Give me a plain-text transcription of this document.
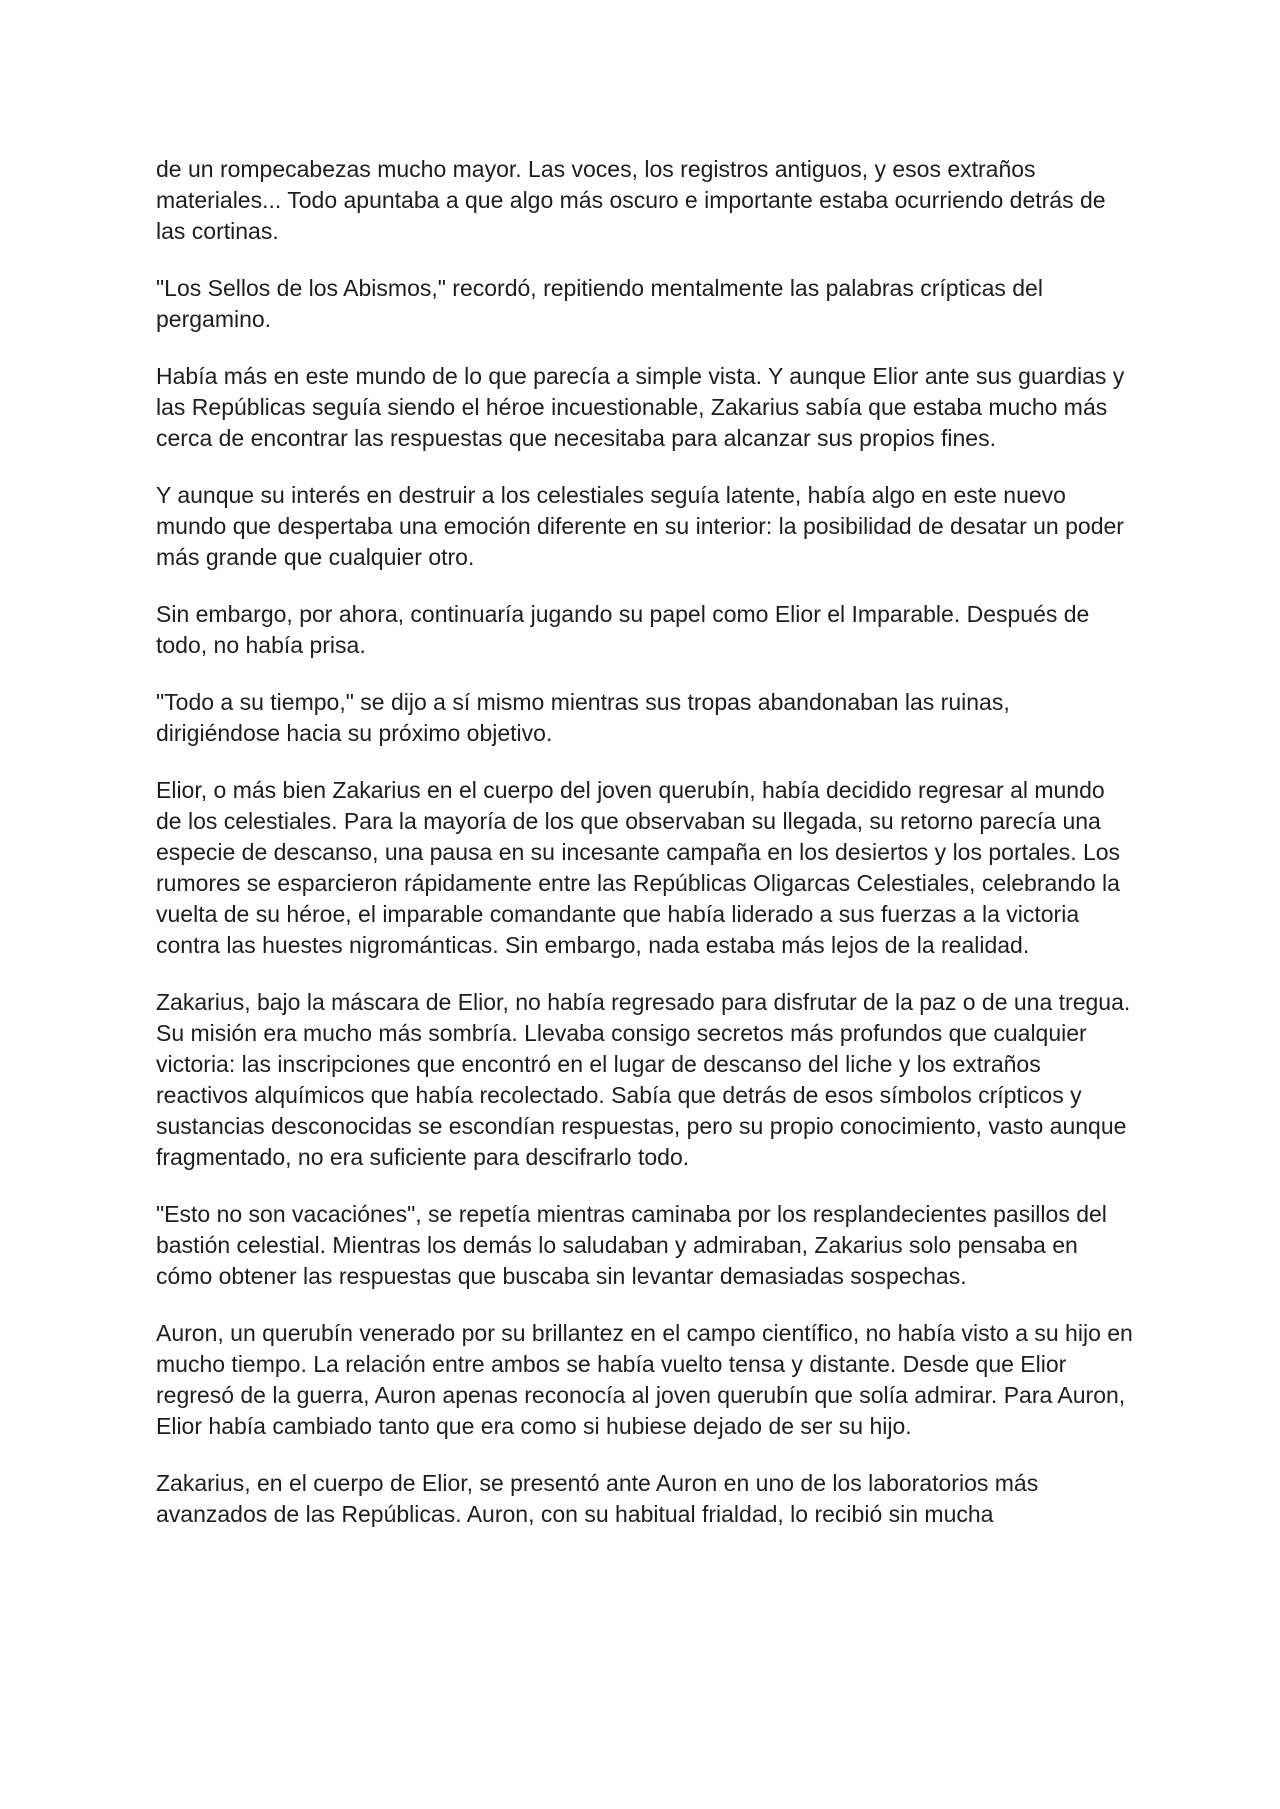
de un rompecabezas mucho mayor. Las voces, los registros antiguos, y esos extraños materiales... Todo apuntaba a que algo más oscuro e importante estaba ocurriendo detrás de las cortinas.

"Los Sellos de los Abismos," recordó, repitiendo mentalmente las palabras crípticas del pergamino.

Había más en este mundo de lo que parecía a simple vista. Y aunque Elior ante sus guardias y las Repúblicas seguía siendo el héroe incuestionable, Zakarius sabía que estaba mucho más cerca de encontrar las respuestas que necesitaba para alcanzar sus propios fines.

Y aunque su interés en destruir a los celestiales seguía latente, había algo en este nuevo mundo que despertaba una emoción diferente en su interior: la posibilidad de desatar un poder más grande que cualquier otro.

Sin embargo, por ahora, continuaría jugando su papel como Elior el Imparable. Después de todo, no había prisa.

"Todo a su tiempo," se dijo a sí mismo mientras sus tropas abandonaban las ruinas, dirigiéndose hacia su próximo objetivo.

Elior, o más bien Zakarius en el cuerpo del joven querubín, había decidido regresar al mundo de los celestiales. Para la mayoría de los que observaban su llegada, su retorno parecía una especie de descanso, una pausa en su incesante campaña en los desiertos y los portales. Los rumores se esparcieron rápidamente entre las Repúblicas Oligarcas Celestiales, celebrando la vuelta de su héroe, el imparable comandante que había liderado a sus fuerzas a la victoria contra las huestes nigrománticas. Sin embargo, nada estaba más lejos de la realidad.

Zakarius, bajo la máscara de Elior, no había regresado para disfrutar de la paz o de una tregua. Su misión era mucho más sombría. Llevaba consigo secretos más profundos que cualquier victoria: las inscripciones que encontró en el lugar de descanso del liche y los extraños reactivos alquímicos que había recolectado. Sabía que detrás de esos símbolos crípticos y sustancias desconocidas se escondían respuestas, pero su propio conocimiento, vasto aunque fragmentado, no era suficiente para descifrarlo todo.

"Esto no son vacaciónes", se repetía mientras caminaba por los resplandecientes pasillos del bastión celestial. Mientras los demás lo saludaban y admiraban, Zakarius solo pensaba en cómo obtener las respuestas que buscaba sin levantar demasiadas sospechas.

Auron, un querubín venerado por su brillantez en el campo científico, no había visto a su hijo en mucho tiempo. La relación entre ambos se había vuelto tensa y distante. Desde que Elior regresó de la guerra, Auron apenas reconocía al joven querubín que solía admirar. Para Auron, Elior había cambiado tanto que era como si hubiese dejado de ser su hijo.

Zakarius, en el cuerpo de Elior, se presentó ante Auron en uno de los laboratorios más avanzados de las Repúblicas. Auron, con su habitual frialdad, lo recibió sin mucha
